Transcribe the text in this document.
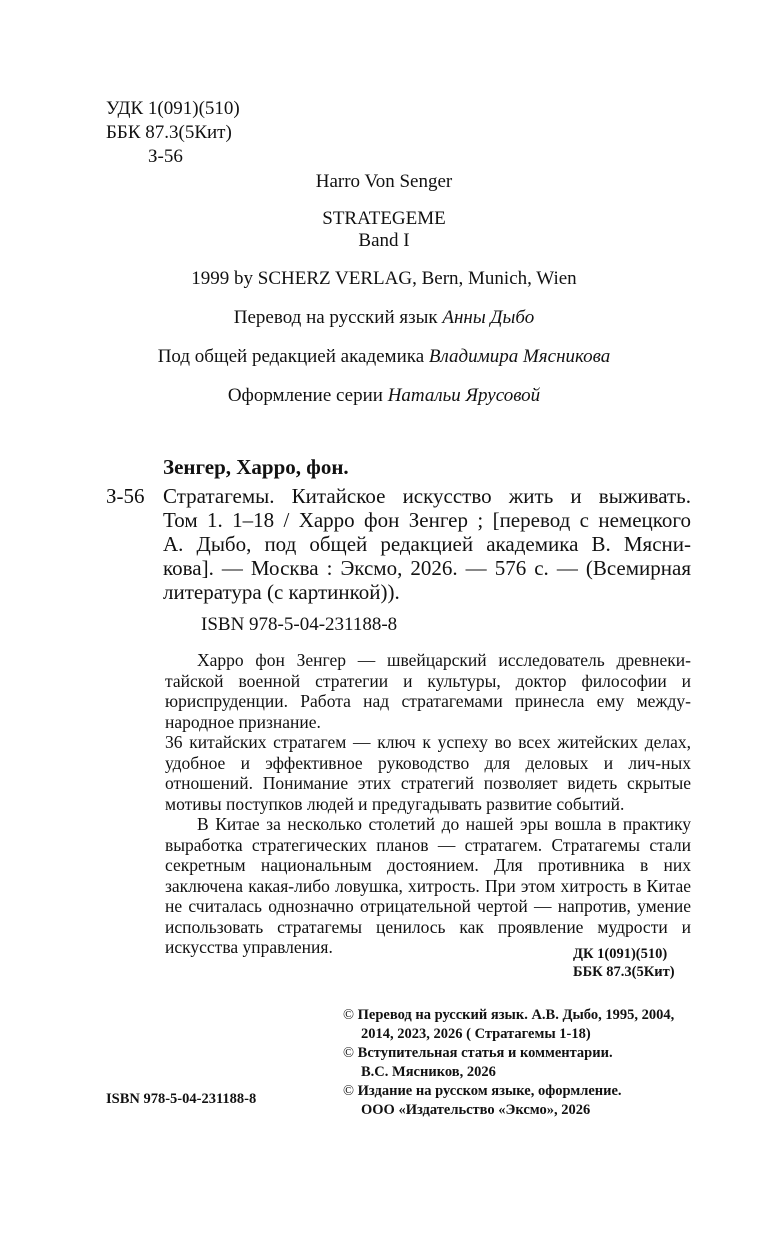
УДК 1(091)(510)
ББК 87.3(5Кит)
З-56
Harro Von Senger
STRATEGEME
Band I
1999 by SCHERZ VERLAG, Bern, Munich, Wien
Перевод на русский язык Анны Дыбо
Под общей редакцией академика Владимира Мясникова
Оформление серии Натальи Ярусовой
Зенгер, Харро, фон.
З-56 Стратагемы. Китайское искусство жить и выживать.
Том 1. 1–18 / Харро фон Зенгер ; [перевод с немецкого
А. Дыбо, под общей редакцией академика В. Мясни-
кова]. — Москва : Эксмо, 2026. — 576 с. — (Всемирная
литература (с картинкой)).
ISBN 978-5-04-231188-8

Харро фон Зенгер — швейцарский исследователь древнеки-тайской военной стратегии и культуры, доктор философии и юриспруденции. Работа над стратагемами принесла ему между-народное признание.

36 китайских стратагем — ключ к успеху во всех житейских делах, удобное и эффективное руководство для деловых и лич-ных отношений. Понимание этих стратегий позволяет видеть скрытые мотивы поступков людей и предугадывать развитие событий.

В Китае за несколько столетий до нашей эры вошла в практику выработка стратегических планов — стратагем. Стратагемы стали секретным национальным достоянием. Для противника в них заключена какая-либо ловушка, хитрость. При этом хитрость в Китае не считалась однозначно отрицательной чертой — напротив, умение использовать стратагемы ценилось как проявление мудрости и искусства управления.	ДК 1(091)(510)
ББК 87.3(5Кит)
ISBN 978-5-04-231188-8
© Перевод на русский язык. А.В. Дыбо, 1995, 2004,
2014, 2023, 2026 ( Стратагемы 1-18)
© Вступительная статья и комментарии.
В.С. Мясников, 2026
© Издание на русском языке, оформление.
ООО «Издательство «Эксмо», 2026
